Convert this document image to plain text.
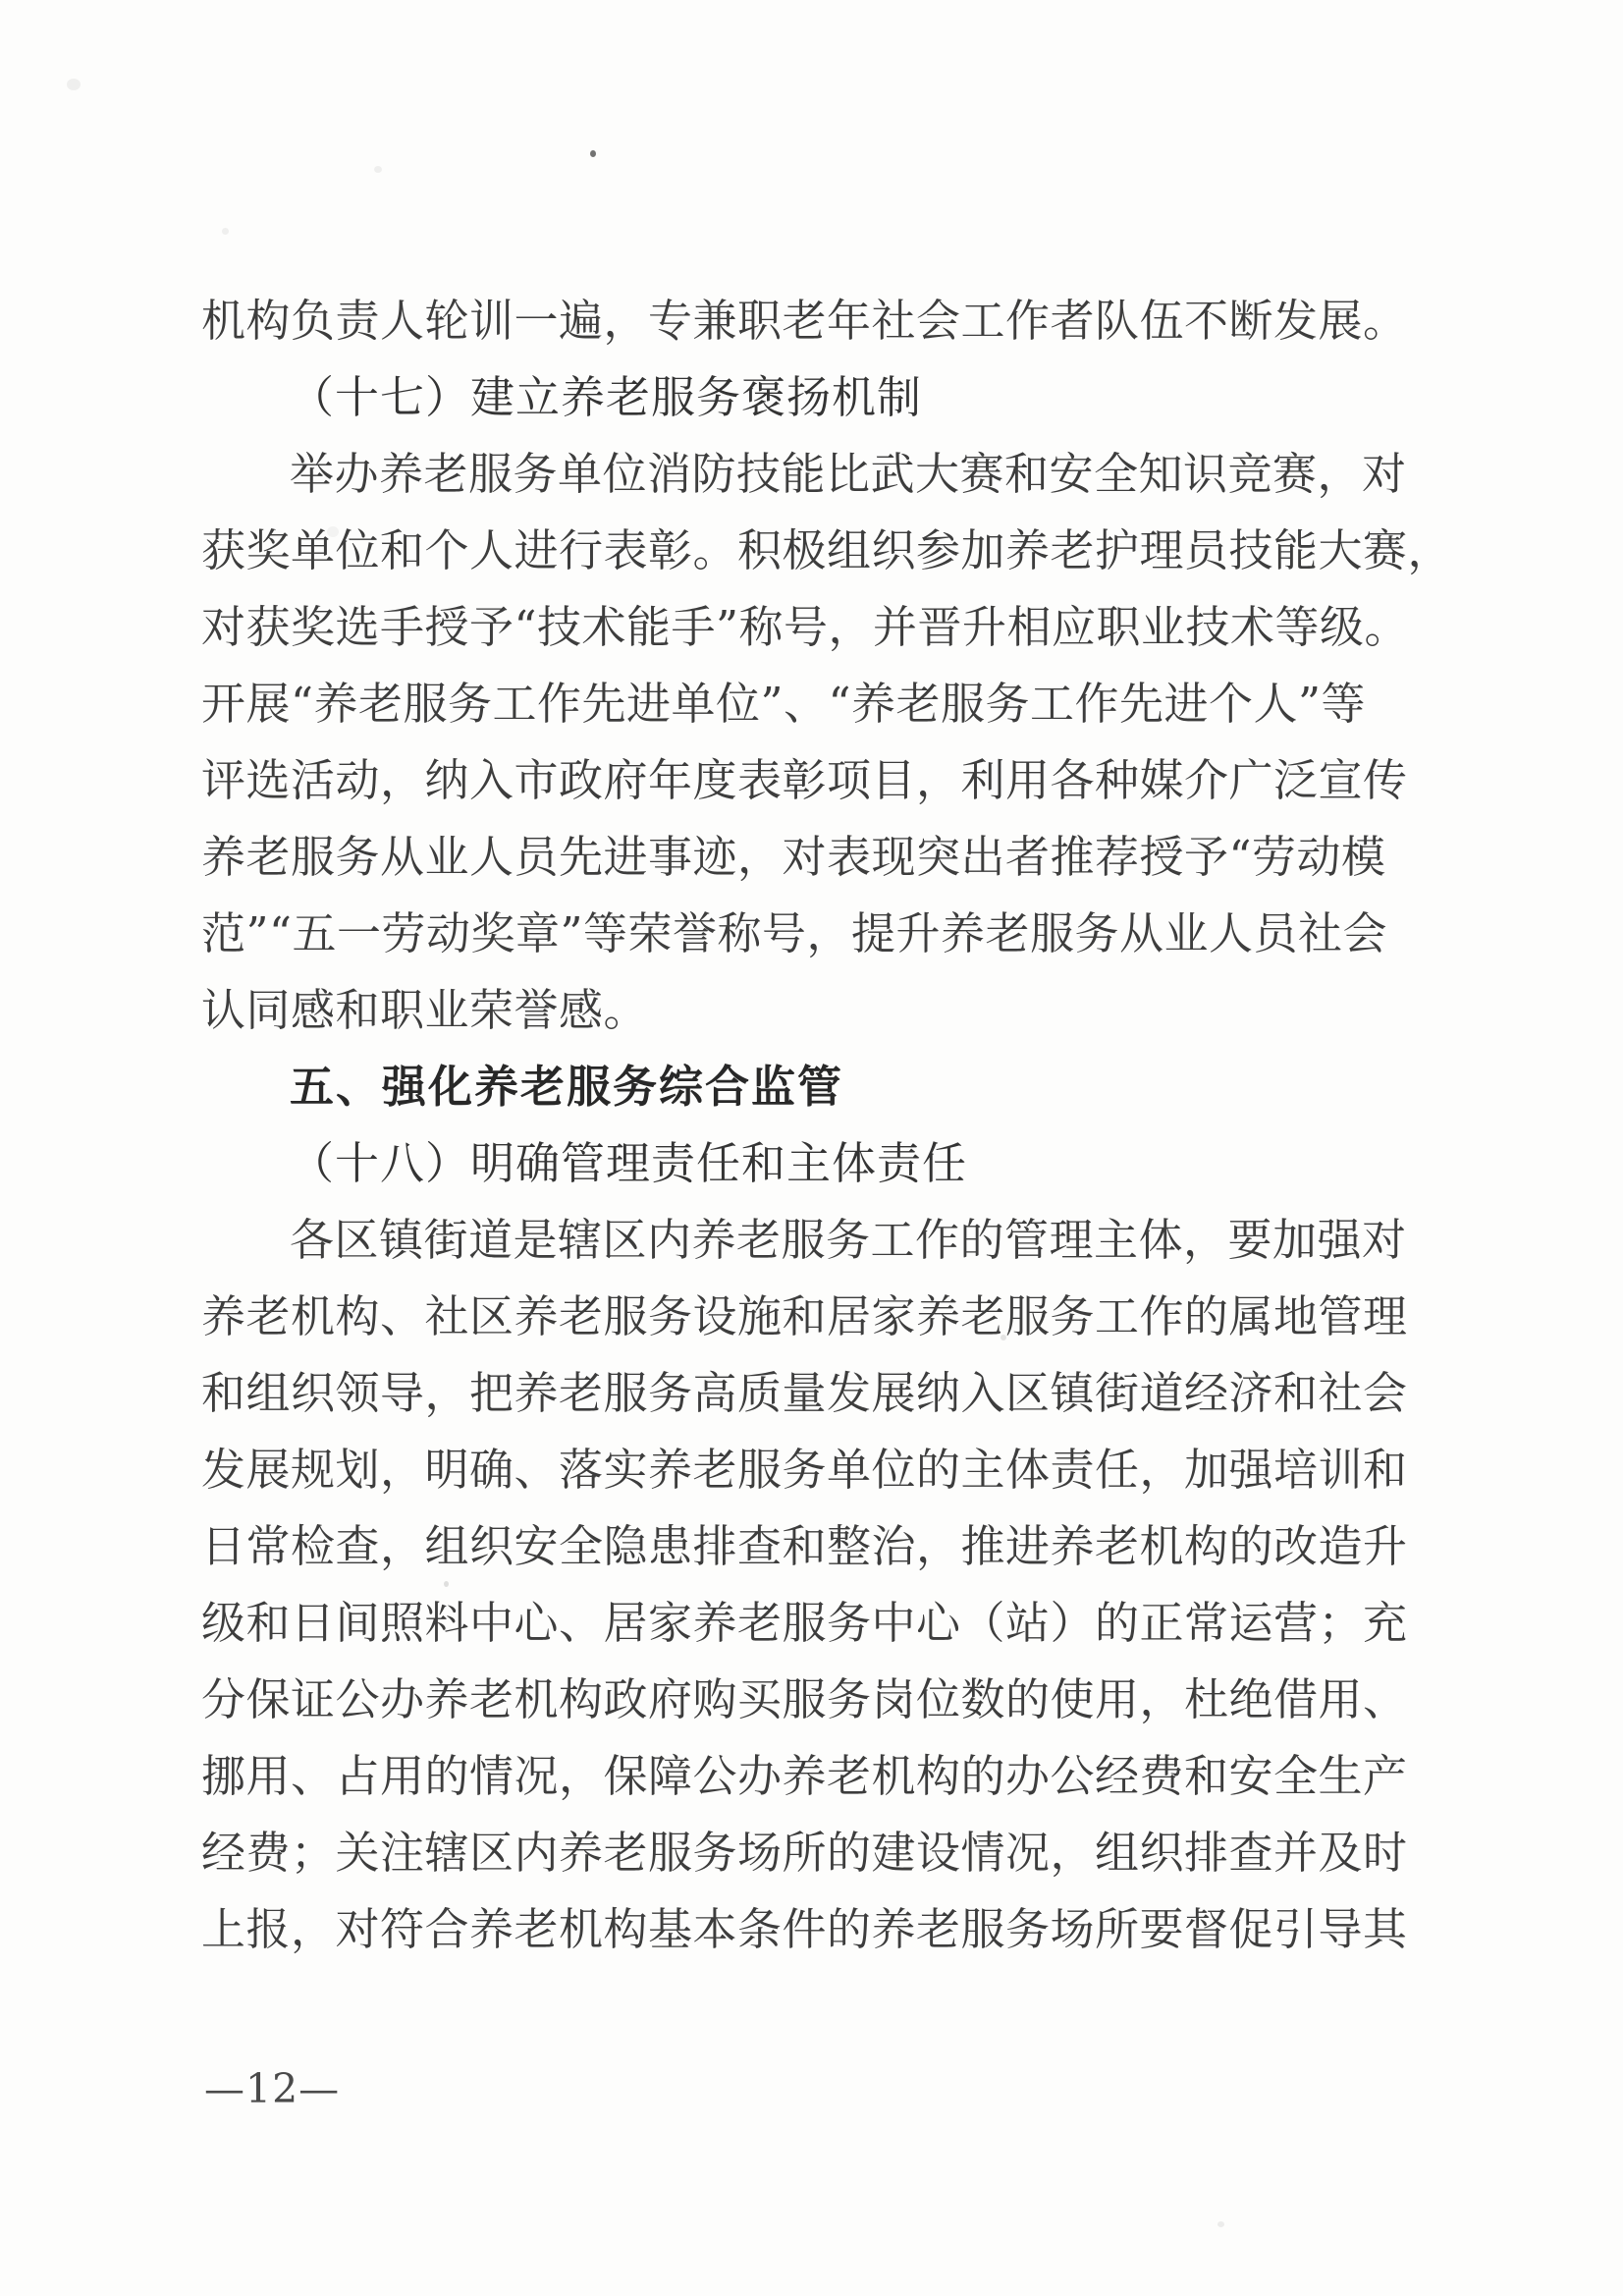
机构负责人轮训一遍，专兼职老年社会工作者队伍不断发展。
（十七）建立养老服务褒扬机制
举办养老服务单位消防技能比武大赛和安全知识竞赛，对
获奖单位和个人进行表彰。积极组织参加养老护理员技能大赛，
对获奖选手授予“技术能手”称号，并晋升相应职业技术等级。
开展“养老服务工作先进单位”、“养老服务工作先进个人”等
评选活动，纳入市政府年度表彰项目，利用各种媒介广泛宣传
养老服务从业人员先进事迹，对表现突出者推荐授予“劳动模
范”“五一劳动奖章”等荣誉称号，提升养老服务从业人员社会
认同感和职业荣誉感。
五、强化养老服务综合监管
（十八）明确管理责任和主体责任
各区镇街道是辖区内养老服务工作的管理主体，要加强对
养老机构、社区养老服务设施和居家养老服务工作的属地管理
和组织领导，把养老服务高质量发展纳入区镇街道经济和社会
发展规划，明确、落实养老服务单位的主体责任，加强培训和
日常检查，组织安全隐患排查和整治，推进养老机构的改造升
级和日间照料中心、居家养老服务中心（站）的正常运营；充
分保证公办养老机构政府购买服务岗位数的使用，杜绝借用、
挪用、占用的情况，保障公办养老机构的办公经费和安全生产
经费；关注辖区内养老服务场所的建设情况，组织排查并及时
上报，对符合养老机构基本条件的养老服务场所要督促引导其
—12—
